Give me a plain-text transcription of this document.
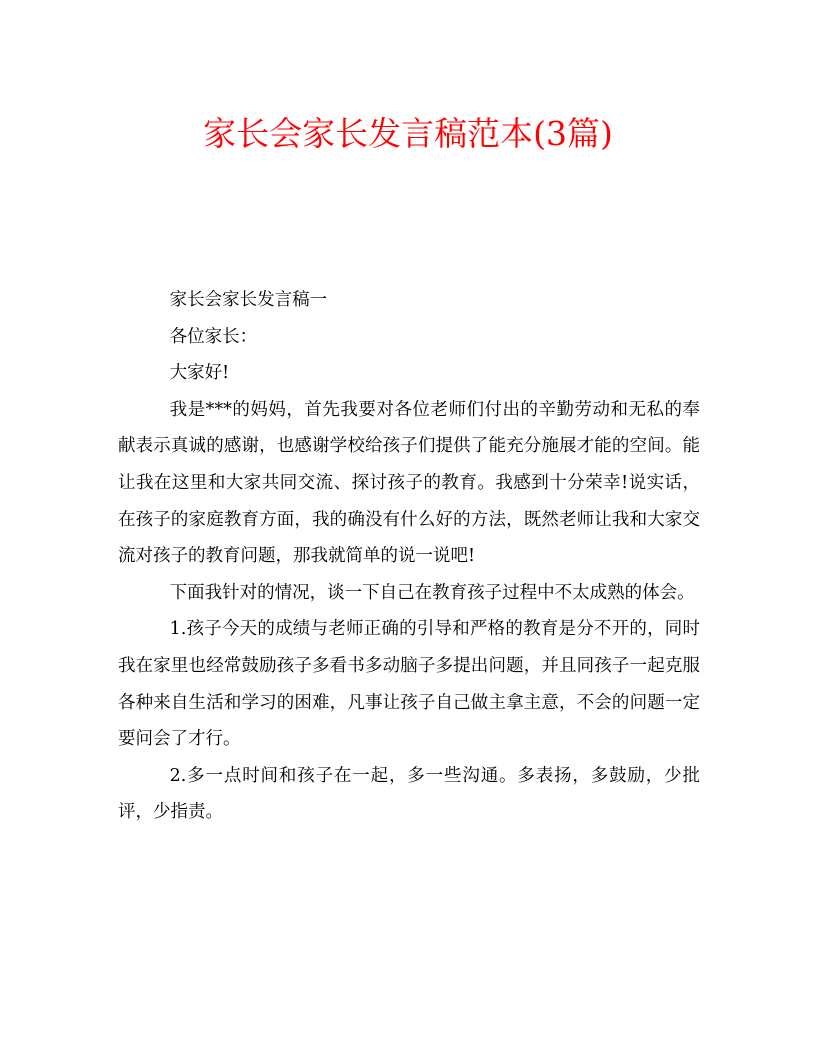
家长会家长发言稿范本(3篇)

家长会家长发言稿一

各位家长：

大家好!

我是***的妈妈，首先我要对各位老师们付出的辛勤劳动和无私的奉献表示真诚的感谢，也感谢学校给孩子们提供了能充分施展才能的空间。能让我在这里和大家共同交流、探讨孩子的教育。我感到十分荣幸!说实话，在孩子的家庭教育方面，我的确没有什么好的方法，既然老师让我和大家交流对孩子的教育问题，那我就简单的说一说吧!

下面我针对的情况，谈一下自己在教育孩子过程中不太成熟的体会。

1.孩子今天的成绩与老师正确的引导和严格的教育是分不开的，同时我在家里也经常鼓励孩子多看书多动脑子多提出问题，并且同孩子一起克服各种来自生活和学习的困难，凡事让孩子自己做主拿主意，不会的问题一定要问会了才行。

2.多一点时间和孩子在一起，多一些沟通。多表扬，多鼓励，少批评，少指责。
